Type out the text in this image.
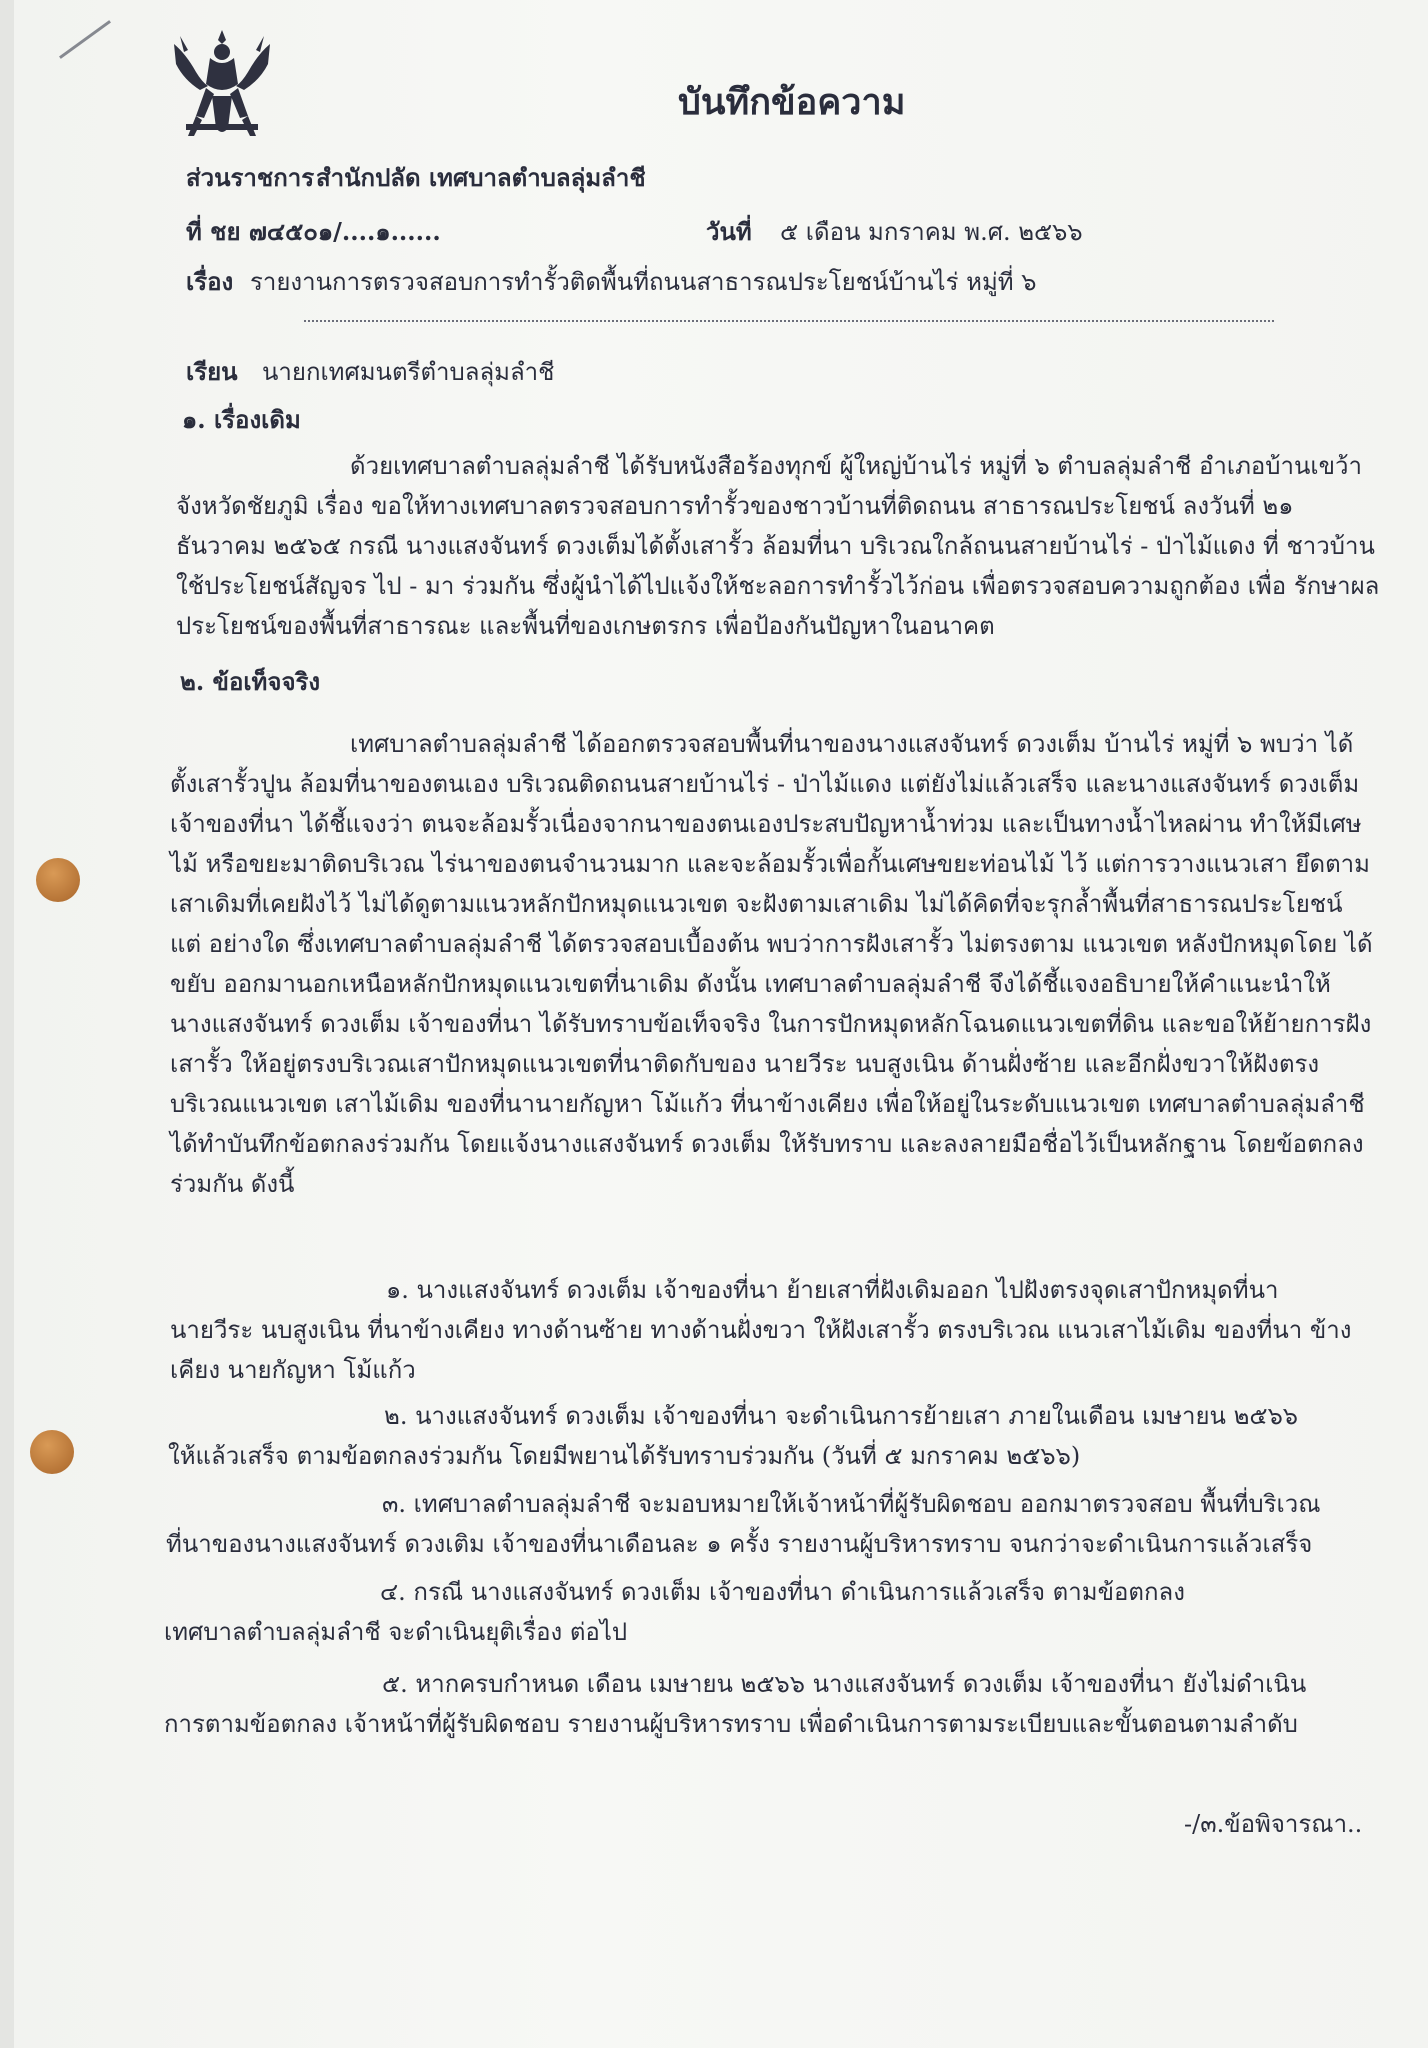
บันทึกข้อความ
ส่วนราชการ สำนักปลัด เทศบาลตำบลลุ่มลำชี
ที่ ชย ๗๔๕๐๑/....๑......	วันที่ ๕ เดือน มกราคม พ.ศ. ๒๕๖๖
เรื่อง รายงานการตรวจสอบการทำรั้วติดพื้นที่ถนนสาธารณประโยชน์บ้านไร่ หมู่ที่ ๖
เรียน นายกเทศมนตรีตำบลลุ่มลำชี
๑. เรื่องเดิม
ด้วยเทศบาลตำบลลุ่มลำชี ได้รับหนังสือร้องทุกข์ ผู้ใหญ่บ้านไร่ หมู่ที่ ๖ ตำบลลุ่มลำชี อำเภอบ้านเขว้า จังหวัดชัยภูมิ เรื่อง ขอให้ทางเทศบาลตรวจสอบการทำรั้วของชาวบ้านที่ติดถนน สาธารณประโยชน์ ลงวันที่ ๒๑ ธันวาคม ๒๕๖๕ กรณี นางแสงจันทร์ ดวงเต็มได้ตั้งเสารั้ว ล้อมที่นา บริเวณใกล้ถนนสายบ้านไร่ - ป่าไม้แดง ที่ ชาวบ้านใช้ประโยชน์สัญจร ไป - มา ร่วมกัน ซึ่งผู้นำได้ไปแจ้งให้ชะลอการทำรั้วไว้ก่อน เพื่อตรวจสอบความถูกต้อง เพื่อ รักษาผลประโยชน์ของพื้นที่สาธารณะ และพื้นที่ของเกษตรกร เพื่อป้องกันปัญหาในอนาคต
๒. ข้อเท็จจริง
เทศบาลตำบลลุ่มลำชี ได้ออกตรวจสอบพื้นที่นาของนางแสงจันทร์ ดวงเต็ม บ้านไร่ หมู่ที่ ๖ พบว่า ได้ตั้งเสารั้วปูน ล้อมที่นาของตนเอง บริเวณติดถนนสายบ้านไร่ - ป่าไม้แดง แต่ยังไม่แล้วเสร็จ และนางแสงจันทร์ ดวงเต็ม เจ้าของที่นา ได้ชี้แจงว่า ตนจะล้อมรั้วเนื่องจากนาของตนเองประสบปัญหาน้ำท่วม และเป็นทางน้ำไหลผ่าน ทำให้มีเศษ ไม้ หรือขยะมาติดบริเวณ ไร่นาของตนจำนวนมาก และจะล้อมรั้วเพื่อกั้นเศษขยะท่อนไม้ ไว้ แต่การวางแนวเสา ยึดตาม เสาเดิมที่เคยฝังไว้ ไม่ได้ดูตามแนวหลักปักหมุดแนวเขต จะฝังตามเสาเดิม ไม่ได้คิดที่จะรุกล้ำพื้นที่สาธารณประโยชน์ แต่ อย่างใด ซึ่งเทศบาลตำบลลุ่มลำชี ได้ตรวจสอบเบื้องต้น พบว่าการฝังเสารั้ว ไม่ตรงตาม แนวเขต หลังปักหมุดโดย ได้ขยับ ออกมานอกเหนือหลักปักหมุดแนวเขตที่นาเดิม ดังนั้น เทศบาลตำบลลุ่มลำชี จึงได้ชี้แจงอธิบายให้คำแนะนำให้ นางแสงจันทร์ ดวงเต็ม เจ้าของที่นา ได้รับทราบข้อเท็จจริง ในการปักหมุดหลักโฉนดแนวเขตที่ดิน และขอให้ย้ายการฝัง เสารั้ว ให้อยู่ตรงบริเวณเสาปักหมุดแนวเขตที่นาติดกับของ นายวีระ นบสูงเนิน ด้านฝั่งซ้าย และอีกฝั่งขวาให้ฝังตรง บริเวณแนวเขต เสาไม้เดิม ของที่นานายกัญหา โม้แก้ว ที่นาข้างเคียง เพื่อให้อยู่ในระดับแนวเขต เทศบาลตำบลลุ่มลำชี ได้ทำบันทึกข้อตกลงร่วมกัน โดยแจ้งนางแสงจันทร์ ดวงเต็ม ให้รับทราบ และลงลายมือชื่อไว้เป็นหลักฐาน โดยข้อตกลง ร่วมกัน ดังนี้
๑. นางแสงจันทร์ ดวงเต็ม เจ้าของที่นา ย้ายเสาที่ฝังเดิมออก ไปฝังตรงจุดเสาปักหมุดที่นา
นายวีระ นบสูงเนิน ที่นาข้างเคียง ทางด้านซ้าย ทางด้านฝั่งขวา ให้ฝังเสารั้ว ตรงบริเวณ แนวเสาไม้เดิม ของที่นา ข้างเคียง นายกัญหา โม้แก้ว
๒. นางแสงจันทร์ ดวงเต็ม เจ้าของที่นา จะดำเนินการย้ายเสา ภายในเดือน เมษายน ๒๕๖๖
ให้แล้วเสร็จ ตามข้อตกลงร่วมกัน โดยมีพยานได้รับทราบร่วมกัน (วันที่ ๕ มกราคม ๒๕๖๖)
๓. เทศบาลตำบลลุ่มลำชี จะมอบหมายให้เจ้าหน้าที่ผู้รับผิดชอบ ออกมาตรวจสอบ พื้นที่บริเวณ
ที่นาของนางแสงจันทร์ ดวงเติม เจ้าของที่นาเดือนละ ๑ ครั้ง รายงานผู้บริหารทราบ จนกว่าจะดำเนินการแล้วเสร็จ
๔. กรณี นางแสงจันทร์ ดวงเต็ม เจ้าของที่นา ดำเนินการแล้วเสร็จ ตามข้อตกลง
เทศบาลตำบลลุ่มลำชี จะดำเนินยุติเรื่อง ต่อไป
๕. หากครบกำหนด เดือน เมษายน ๒๕๖๖ นางแสงจันทร์ ดวงเต็ม เจ้าของที่นา ยังไม่ดำเนิน
การตามข้อตกลง เจ้าหน้าที่ผู้รับผิดชอบ รายงานผู้บริหารทราบ เพื่อดำเนินการตามระเบียบและขั้นตอนตามลำดับ
-/๓.ข้อพิจารณา..
